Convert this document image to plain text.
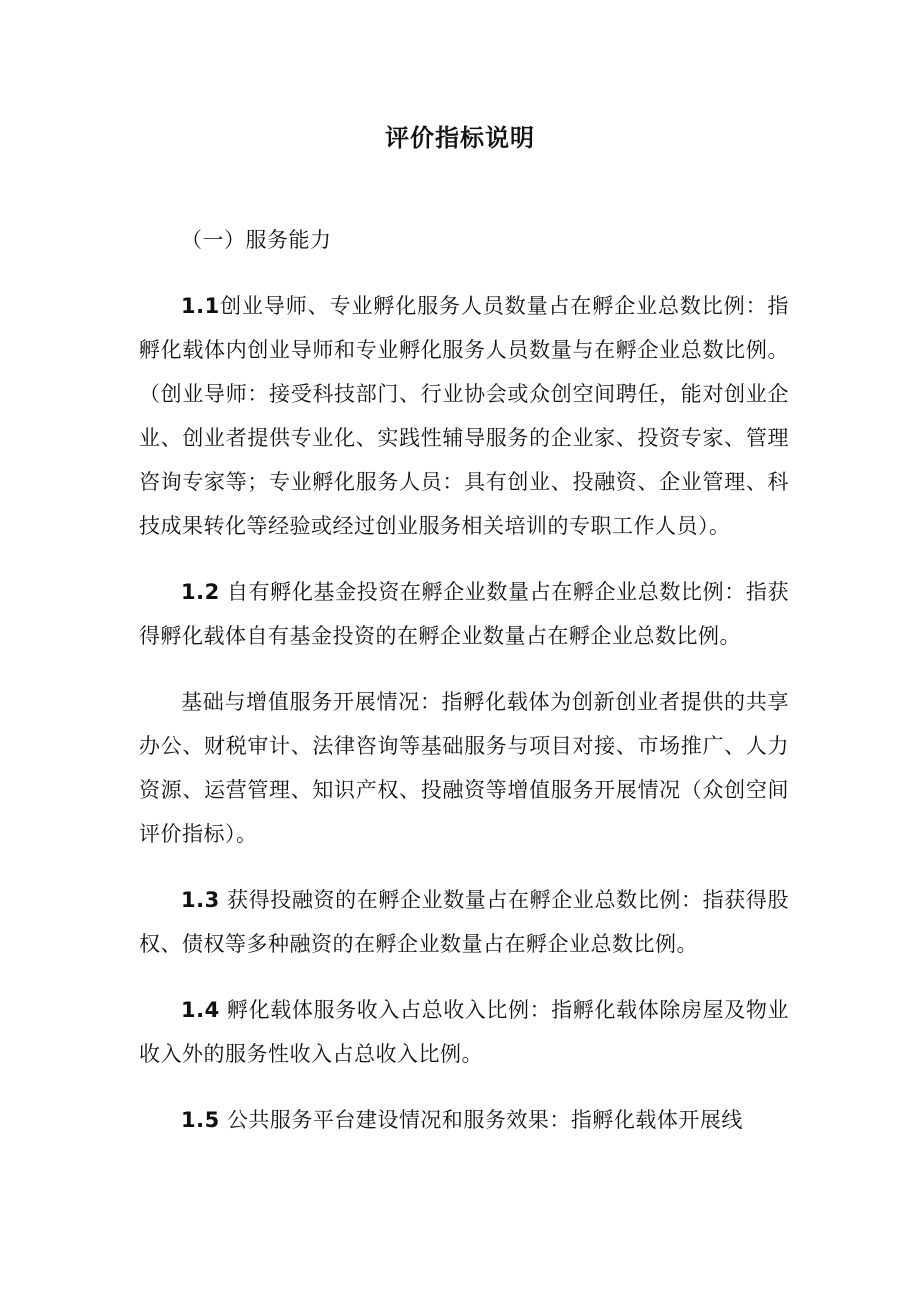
评价指标说明

（一）服务能力

1.1创业导师、专业孵化服务人员数量占在孵企业总数比例：指孵化载体内创业导师和专业孵化服务人员数量与在孵企业总数比例。（创业导师：接受科技部门、行业协会或众创空间聘任，能对创业企业、创业者提供专业化、实践性辅导服务的企业家、投资专家、管理咨询专家等；专业孵化服务人员：具有创业、投融资、企业管理、科技成果转化等经验或经过创业服务相关培训的专职工作人员）。

1.2 自有孵化基金投资在孵企业数量占在孵企业总数比例：指获得孵化载体自有基金投资的在孵企业数量占在孵企业总数比例。

基础与增值服务开展情况：指孵化载体为创新创业者提供的共享办公、财税审计、法律咨询等基础服务与项目对接、市场推广、人力资源、运营管理、知识产权、投融资等增值服务开展情况（众创空间评价指标）。

1.3 获得投融资的在孵企业数量占在孵企业总数比例：指获得股权、债权等多种融资的在孵企业数量占在孵企业总数比例。

1.4 孵化载体服务收入占总收入比例：指孵化载体除房屋及物业收入外的服务性收入占总收入比例。

1.5 公共服务平台建设情况和服务效果：指孵化载体开展线
